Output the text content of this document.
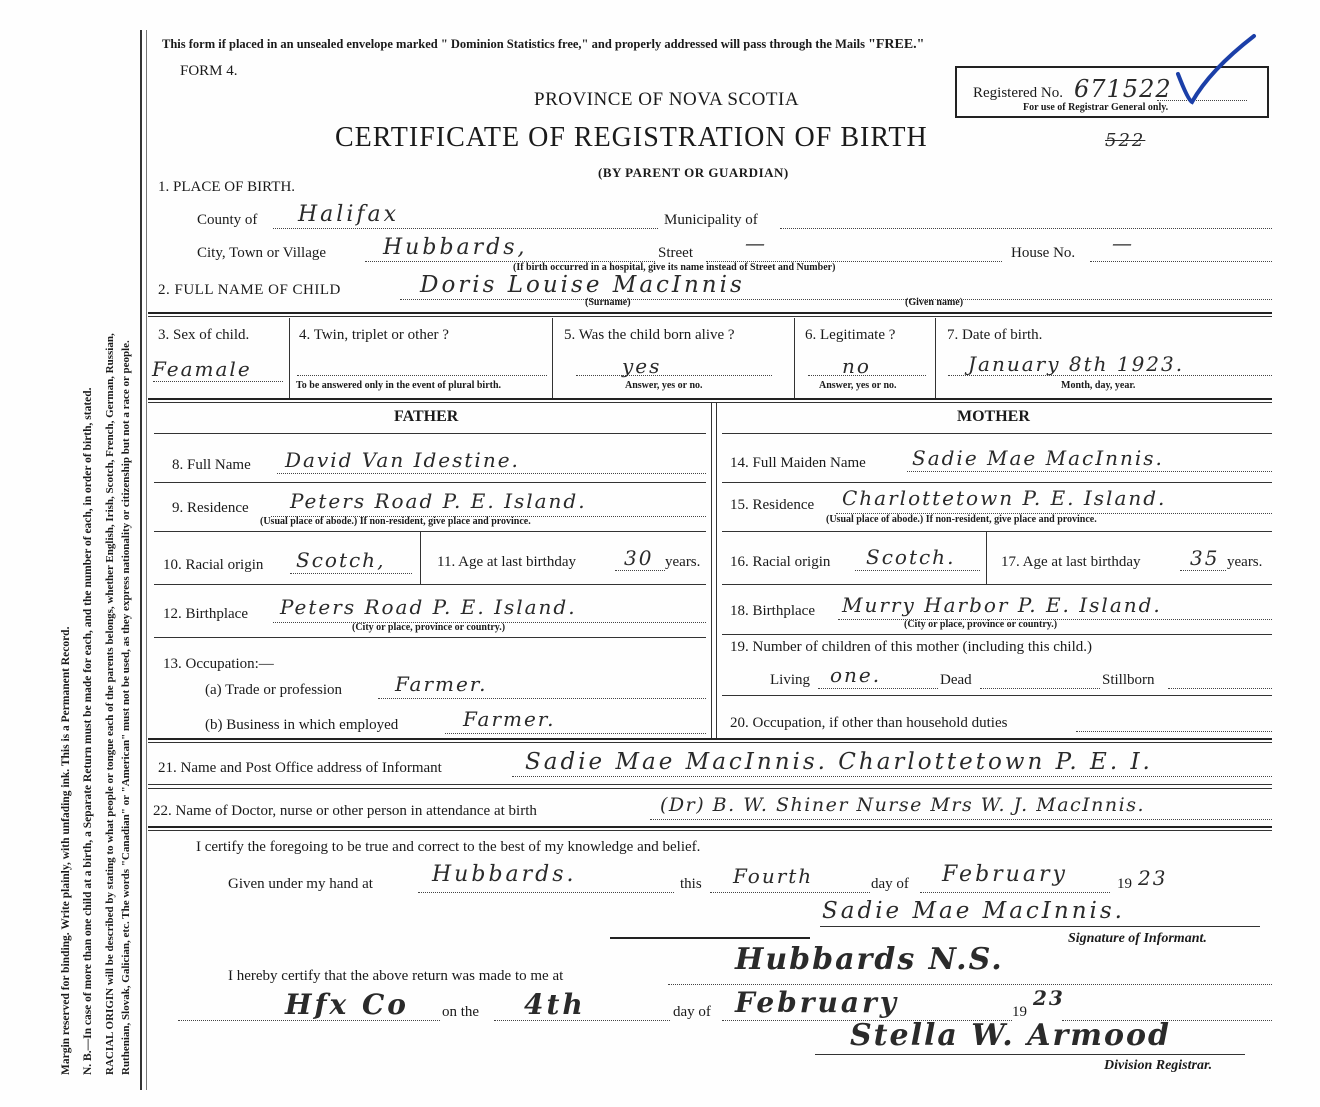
Margin reserved for binding. Write plainly, with unfading ink. This is a Permanent Record. N. B.—In case of more than one child at a birth, a Separate Return must be made for each, and the number of each, in order of birth, stated. RACIAL ORIGIN will be described by stating to what people or tongue each of the parents belongs, whether English, Irish, Scotch, French, German, Russian, Ruthenian, Slovak, Galician, etc. The words "Canadian" or "American" must not be used, as they express nationality or citizenship but not a race or people.
This form if placed in an unsealed envelope marked " Dominion Statistics free," and properly addressed will pass through the Mails "FREE."
FORM 4.
PROVINCE OF NOVA SCOTIA
CERTIFICATE OF REGISTRATION OF BIRTH	522
(BY PARENT OR GUARDIAN)
Registered No. 671522
For use of Registrar General only.
1. PLACE OF BIRTH.
County of Halifax	Municipality of
City, Town or Village	Hubbards,	Street	—	House No. —
(If birth occurred in a hospital, give its name instead of Street and Number)
2. FULL NAME OF CHILD	Doris Louise MacInnis
(Surname)	(Given name)
3. Sex of child.
Feamale
4. Twin, triplet or other ?
To be answered only in the event of plural birth.
5. Was the child born alive ?
yes
Answer, yes or no.
6. Legitimate ?
no
Answer, yes or no.
7. Date of birth.
January 8th 1923.
Month, day, year.
FATHER	MOTHER
8. Full Name David Van Idestine.
9. Residence Peters Road P. E. Island.
(Usual place of abode.) If non-resident, give place and province.
10. Racial origin Scotch,	11. Age at last birthday 30 years.
12. Birthplace Peters Road P. E. Island.
(City or place, province or country.)
13. Occupation:—
(a) Trade or profession	Farmer.
(b) Business in which employed	Farmer.
14. Full Maiden Name Sadie Mae MacInnis.
15. Residence Charlottetown P. E. Island.
(Usual place of abode.) If non-resident, give place and province.
16. Racial origin Scotch.	17. Age at last birthday 35 years.
18. Birthplace Murry Harbor P. E. Island.
(City or place, province or country.)
19. Number of children of this mother (including this child.)
Living one.	Dead	Stillborn
20. Occupation, if other than household duties
21. Name and Post Office address of Informant	Sadie Mae MacInnis. Charlottetown P. E. I.
22. Name of Doctor, nurse or other person in attendance at birth	(Dr) B. W. Shiner Nurse Mrs W. J. MacInnis.
I certify the foregoing to be true and correct to the best of my knowledge and belief.
Given under my hand at	Hubbards.	this Fourth	day of February	19 23
Sadie Mae MacInnis.
Signature of Informant.
I hereby certify that the above return was made to me at	Hubbards N.S.
Hfx Co on the 4th	day of February	19
23
Stella W. Armood
Division Registrar.
